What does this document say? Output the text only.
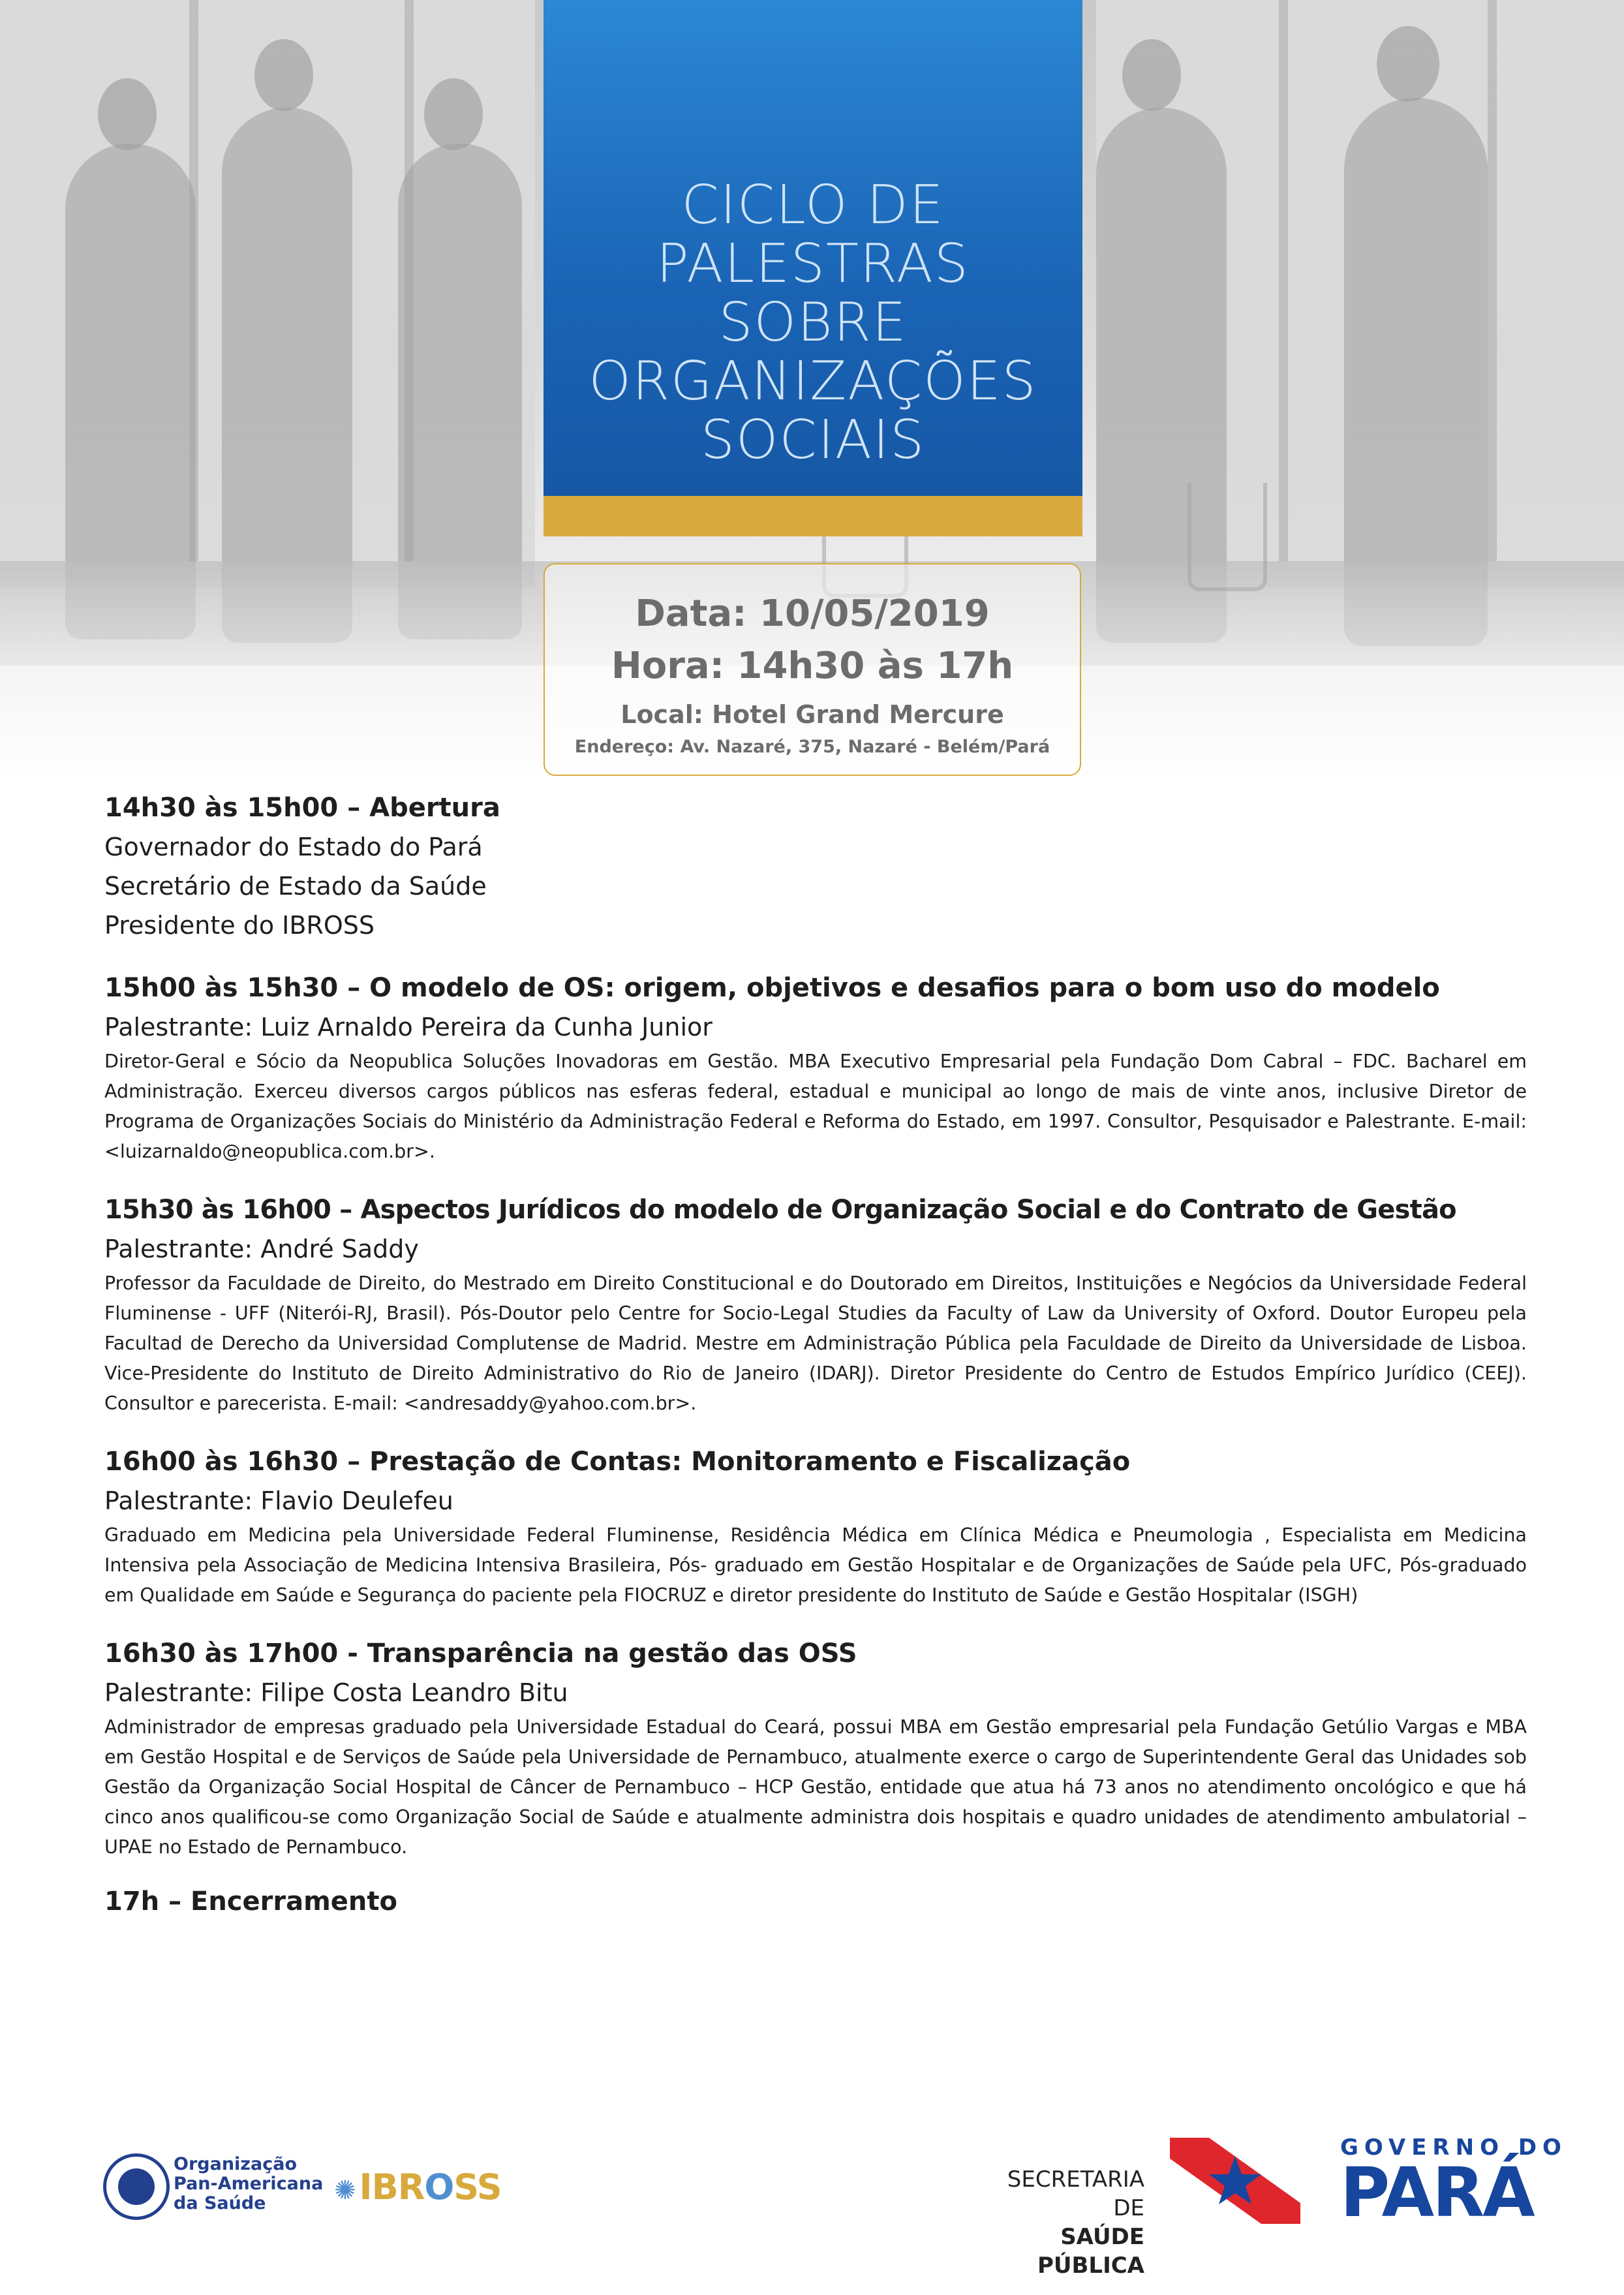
CICLO DE
PALESTRAS
SOBRE
ORGANIZAÇÕES
SOCIAIS
Data: 10/05/2019
Hora: 14h30 às 17h
Local: Hotel Grand Mercure
Endereço: Av. Nazaré, 375, Nazaré - Belém/Pará
14h30 às 15h00 – Abertura
Governador do Estado do Pará
Secretário de Estado da Saúde
Presidente do IBROSS
15h00 às 15h30 – O modelo de OS: origem, objetivos e desafios para o bom uso do modelo
Palestrante: Luiz Arnaldo Pereira da Cunha Junior
Diretor-Geral e Sócio da Neopublica Soluções Inovadoras em Gestão. MBA Executivo Empresarial pela Fundação Dom Cabral – FDC. Bacharel em Administração. Exerceu diversos cargos públicos nas esferas federal, estadual e municipal ao longo de mais de vinte anos, inclusive Diretor de Programa de Organizações Sociais do Ministério da Administração Federal e Reforma do Estado, em 1997. Consultor, Pesquisador e Palestrante. E-mail: <luizarnaldo@neopublica.com.br>.
15h30 às 16h00 – Aspectos Jurídicos do modelo de Organização Social e do Contrato de Gestão
Palestrante: André Saddy
Professor da Faculdade de Direito, do Mestrado em Direito Constitucional e do Doutorado em Direitos, Instituições e Negócios da Universidade Federal Fluminense - UFF (Niterói-RJ, Brasil). Pós-Doutor pelo Centre for Socio-Legal Studies da Faculty of Law da University of Oxford. Doutor Europeu pela Facultad de Derecho da Universidad Complutense de Madrid. Mestre em Administração Pública pela Faculdade de Direito da Universidade de Lisboa. Vice-Presidente do Instituto de Direito Administrativo do Rio de Janeiro (IDARJ). Diretor Presidente do Centro de Estudos Empírico Jurídico (CEEJ). Consultor e parecerista. E-mail: <andresaddy@yahoo.com.br>.
16h00 às 16h30 – Prestação de Contas: Monitoramento e Fiscalização
Palestrante: Flavio Deulefeu
Graduado em Medicina pela Universidade Federal Fluminense, Residência Médica em Clínica Médica e Pneumologia , Especialista em Medicina Intensiva pela Associação de Medicina Intensiva Brasileira, Pós- graduado em Gestão Hospitalar e de Organizações de Saúde pela UFC, Pós-graduado em Qualidade em Saúde e Segurança do paciente pela FIOCRUZ e diretor presidente do Instituto de Saúde e Gestão Hospitalar (ISGH)
16h30 às 17h00 - Transparência na gestão das OSS
Palestrante: Filipe Costa Leandro Bitu
Administrador de empresas graduado pela Universidade Estadual do Ceará, possui MBA em Gestão empresarial pela Fundação Getúlio Vargas e MBA em Gestão Hospital e de Serviços de Saúde pela Universidade de Pernambuco, atualmente exerce o cargo de Superintendente Geral das Unidades sob Gestão da Organização Social Hospital de Câncer de Pernambuco – HCP Gestão, entidade que atua há 73 anos no atendimento oncológico e que há cinco anos qualificou-se como Organização Social de Saúde e atualmente administra dois hospitais e quadro unidades de atendimento ambulatorial – UPAE no Estado de Pernambuco.
17h – Encerramento
Organização
Pan-Americana
da Saúde	✺ IBROSS	SECRETARIA DE
SAÚDE PÚBLICA
GOVERNO DO
PARÁ
